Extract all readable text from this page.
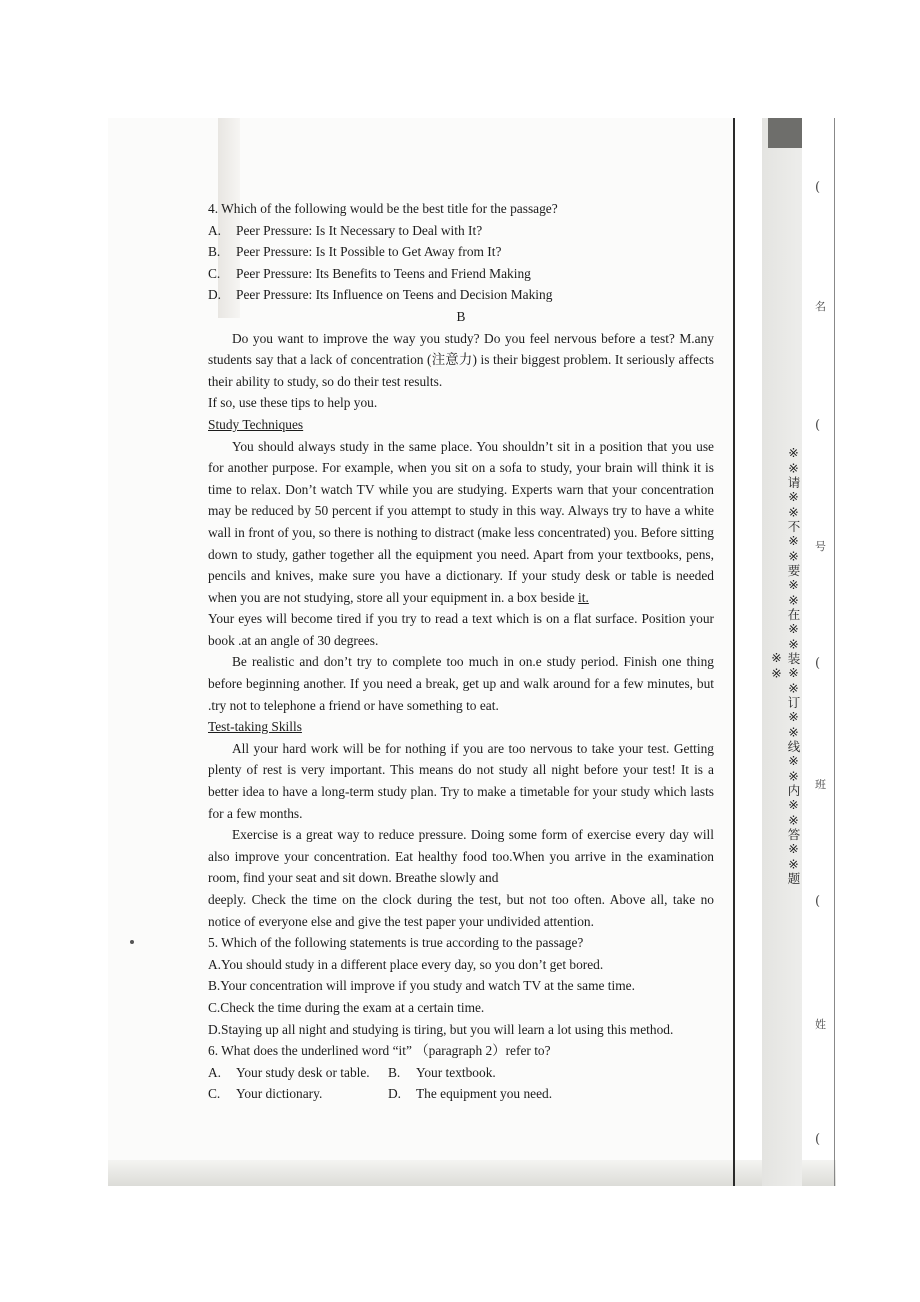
4. Which of the following would be the best title for the passage?

A. Peer Pressure: Is It Necessary to Deal with It?

B. Peer Pressure: Is It Possible to Get Away from It?

C. Peer Pressure: Its Benefits to Teens and Friend Making

D. Peer Pressure: Its Influence on Teens and Decision Making

B

Do you want to improve the way you study? Do you feel nervous before a test? M.any students say that a lack of concentration (注意力) is their biggest problem. It seriously affects their ability to study, so do their test results.

If so, use these tips to help you.

Study Techniques

You should always study in the same place. You shouldn’t sit in a position that you use for another purpose. For example, when you sit on a sofa to study, your brain will think it is time to relax. Don’t watch TV while you are studying. Experts warn that your concentration may be reduced by 50 percent if you attempt to study in this way. Always try to have a white wall in front of you, so there is nothing to distract (make less concentrated) you. Before sitting down to study, gather together all the equipment you need. Apart from your textbooks, pens, pencils and knives, make sure you have a dictionary. If your study desk or table is needed when you are not studying, store all your equipment in. a box beside it.

Your eyes will become tired if you try to read a text which is on a flat surface. Position your book .at an angle of 30 degrees.

Be realistic and don’t try to complete too much in on.e study period. Finish one thing before beginning another. If you need a break, get up and walk around for a few minutes, but .try not to telephone a friend or have something to eat.

Test-taking Skills

All your hard work will be for nothing if you are too nervous to take your test. Getting plenty of rest is very important. This means do not study all night before your test! It is a better idea to have a long-term study plan. Try to make a timetable for your study which lasts for a few months.

Exercise is a great way to reduce pressure. Doing some form of exercise every day will also improve your concentration. Eat healthy food too.When you arrive in the examination room, find your seat and sit down. Breathe slowly and

deeply. Check the time on the clock during the test, but not too often. Above all, take no notice of everyone else and give the test paper your undivided attention.

5. Which of the following statements is true according to the passage?

A.You should study in a different place every day, so you don’t get bored.

B.Your concentration will improve if you study and watch TV at the same time.

C.Check the time during the exam at a certain time.

D.Staying up all night and studying is tiring, but you will learn a lot using this method.

6. What does the underlined word “it” （paragraph 2）refer to?

A.	Your study desk or table. B.	Your textbook.
C.	Your dictionary.	D.	The equipment you need.
※※请※※不※※要※※在※※装※※订※※线※※内※※答※※题※※
(
名
(
号
(
班
(
姓
(
